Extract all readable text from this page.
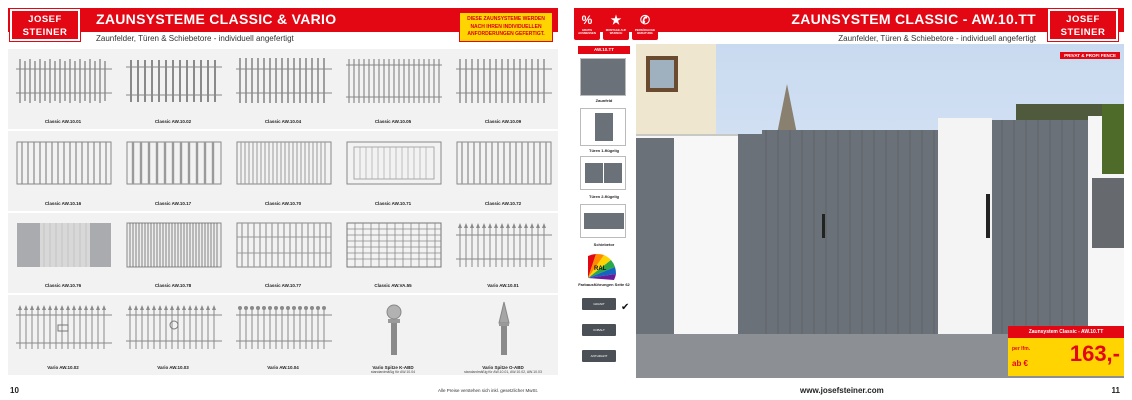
JOSEF
STEINER
ZAUNSYSTEME CLASSIC & VARIO
Zaunfelder, Türen & Schiebetore - individuell angefertigt
DIESE ZAUNSYSTEME WERDEN
NACH IHREN INDIVIDUELLEN
ANFORDERUNGEN GEFERTIGT.
Classic AW.10.01	Classic AW.10.02	Classic AW.10.04	Classic AW.10.05	Classic AW.10.09
Classic AW.10.16	Classic AW.10.17	Classic AW.10.70	Classic AW.10.71	Classic AW.10.72
Classic AW.10.76	Classic AW.10.78	Classic AW.10.77	Classic AW.VA.55	Vario AW.10.01
Vario AW.10.02	Vario AW.10.03	Vario AW.10.04	Vario Spitze K-ABD
standardmäßig für AW.10.04
Vario Spitze O-ABD
standardmäßig für AW.10.01, AW.10.02, AW.10.03
10	Alle Preise verstehen sich inkl. gesetzlicher MwSt.
%
GRATIS AUSMESSEN
★
MONTAGE AUF WUNSCH
✆
PERSÖNLICHE BERATUNG
ZAUNSYSTEM CLASSIC - AW.10.TT
Zaunfelder, Türen & Schiebetore - individuell angefertigt
JOSEF
STEINER
AW.10.TT
Zaunfeld
Türen 1-flügelig
Türen 2-flügelig
Schiebetor
RAL
Farbausführungen Seite 62
GRANIT	✔
KOBALT
ANTHRAZIT
PRIVAT & PROFI FENCE
Zaunsystem Classic - AW.10.TT
per lfm.
ab € 163,-
www.josefsteiner.com	11
